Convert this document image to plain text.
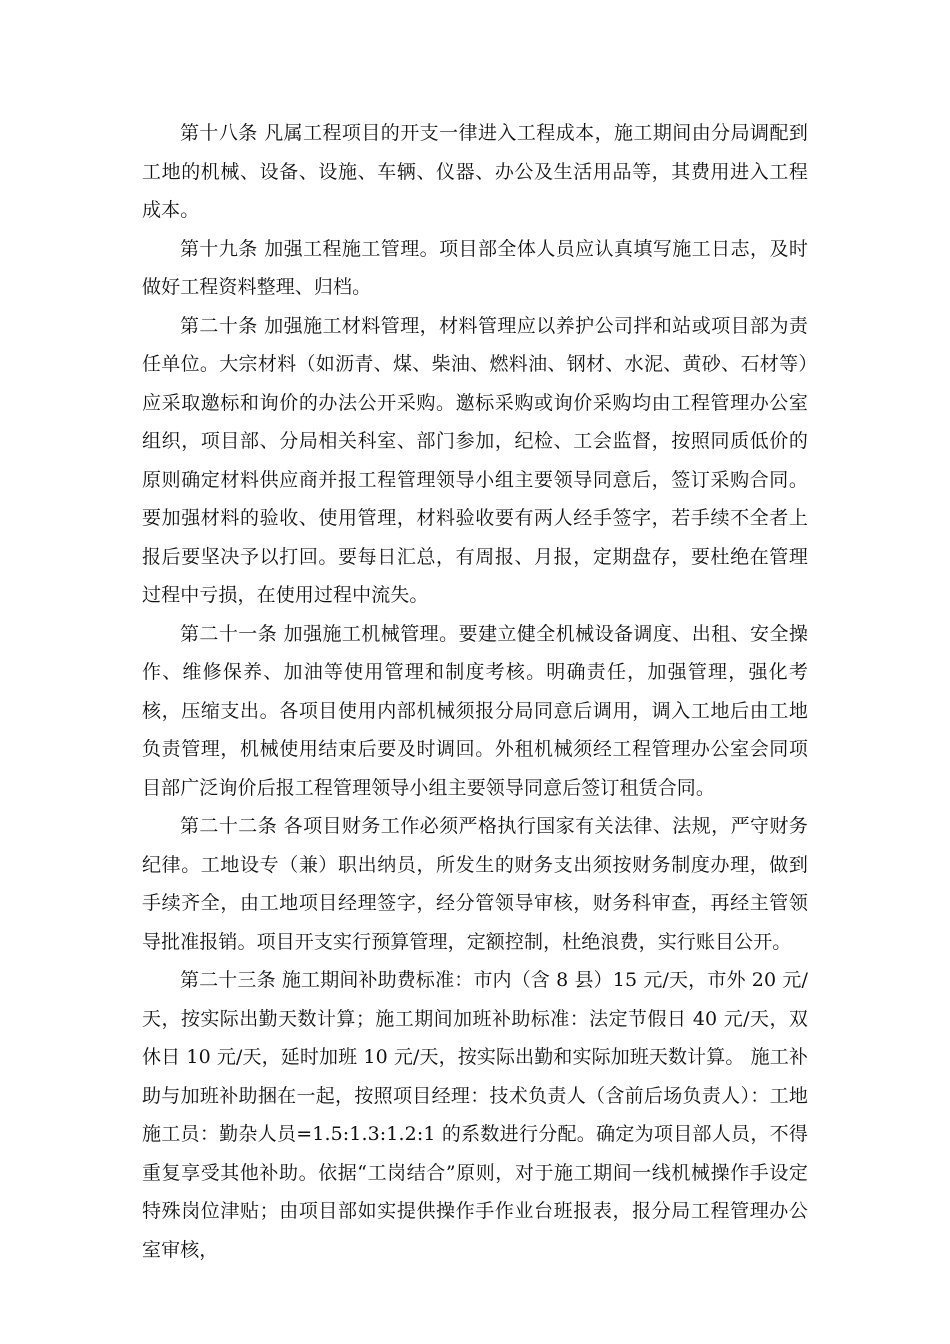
第十八条 凡属工程项目的开支一律进入工程成本，施工期间由分局调配到工地的机械、设备、设施、车辆、仪器、办公及生活用品等，其费用进入工程成本。

第十九条 加强工程施工管理。项目部全体人员应认真填写施工日志，及时做好工程资料整理、归档。

第二十条 加强施工材料管理，材料管理应以养护公司拌和站或项目部为责任单位。大宗材料（如沥青、煤、柴油、燃料油、钢材、水泥、黄砂、石材等）应采取邀标和询价的办法公开采购。邀标采购或询价采购均由工程管理办公室组织，项目部、分局相关科室、部门参加，纪检、工会监督，按照同质低价的原则确定材料供应商并报工程管理领导小组主要领导同意后，签订采购合同。要加强材料的验收、使用管理，材料验收要有两人经手签字，若手续不全者上报后要坚决予以打回。要每日汇总，有周报、月报，定期盘存，要杜绝在管理过程中亏损，在使用过程中流失。

第二十一条 加强施工机械管理。要建立健全机械设备调度、出租、安全操作、维修保养、加油等使用管理和制度考核。明确责任，加强管理，强化考核，压缩支出。各项目使用内部机械须报分局同意后调用，调入工地后由工地负责管理，机械使用结束后要及时调回。外租机械须经工程管理办公室会同项目部广泛询价后报工程管理领导小组主要领导同意后签订租赁合同。

第二十二条 各项目财务工作必须严格执行国家有关法律、法规，严守财务纪律。工地设专（兼）职出纳员，所发生的财务支出须按财务制度办理，做到手续齐全，由工地项目经理签字，经分管领导审核，财务科审查，再经主管领导批准报销。项目开支实行预算管理，定额控制，杜绝浪费，实行账目公开。

第二十三条 施工期间补助费标准：市内（含 8 县）15 元/天，市外 20 元/天，按实际出勤天数计算；施工期间加班补助标准：法定节假日 40 元/天，双休日 10 元/天，延时加班 10 元/天，按实际出勤和实际加班天数计算。 施工补助与加班补助捆在一起，按照项目经理：技术负责人（含前后场负责人）：工地施工员：勤杂人员=1.5:1.3:1.2:1 的系数进行分配。确定为项目部人员，不得重复享受其他补助。依据“工岗结合”原则，对于施工期间一线机械操作手设定特殊岗位津贴；由项目部如实提供操作手作业台班报表，报分局工程管理办公室审核，
